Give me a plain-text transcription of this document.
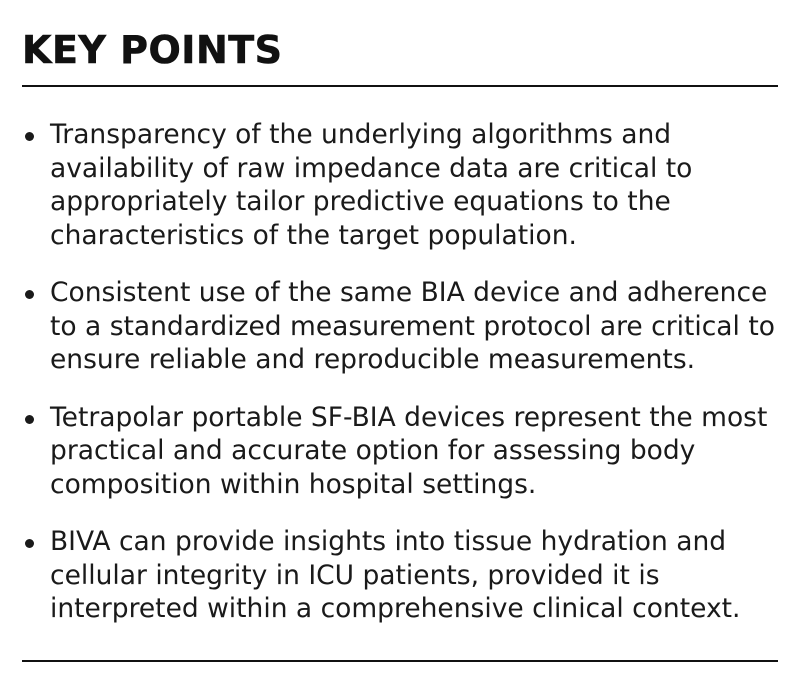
KEY POINTS
Transparency of the underlying algorithms and availability of raw impedance data are critical to appropriately tailor predictive equations to the characteristics of the target population.
Consistent use of the same BIA device and adherence to a standardized measurement protocol are critical to ensure reliable and reproducible measurements.
Tetrapolar portable SF-BIA devices represent the most practical and accurate option for assessing body composition within hospital settings.
BIVA can provide insights into tissue hydration and cellular integrity in ICU patients, provided it is interpreted within a comprehensive clinical context.
